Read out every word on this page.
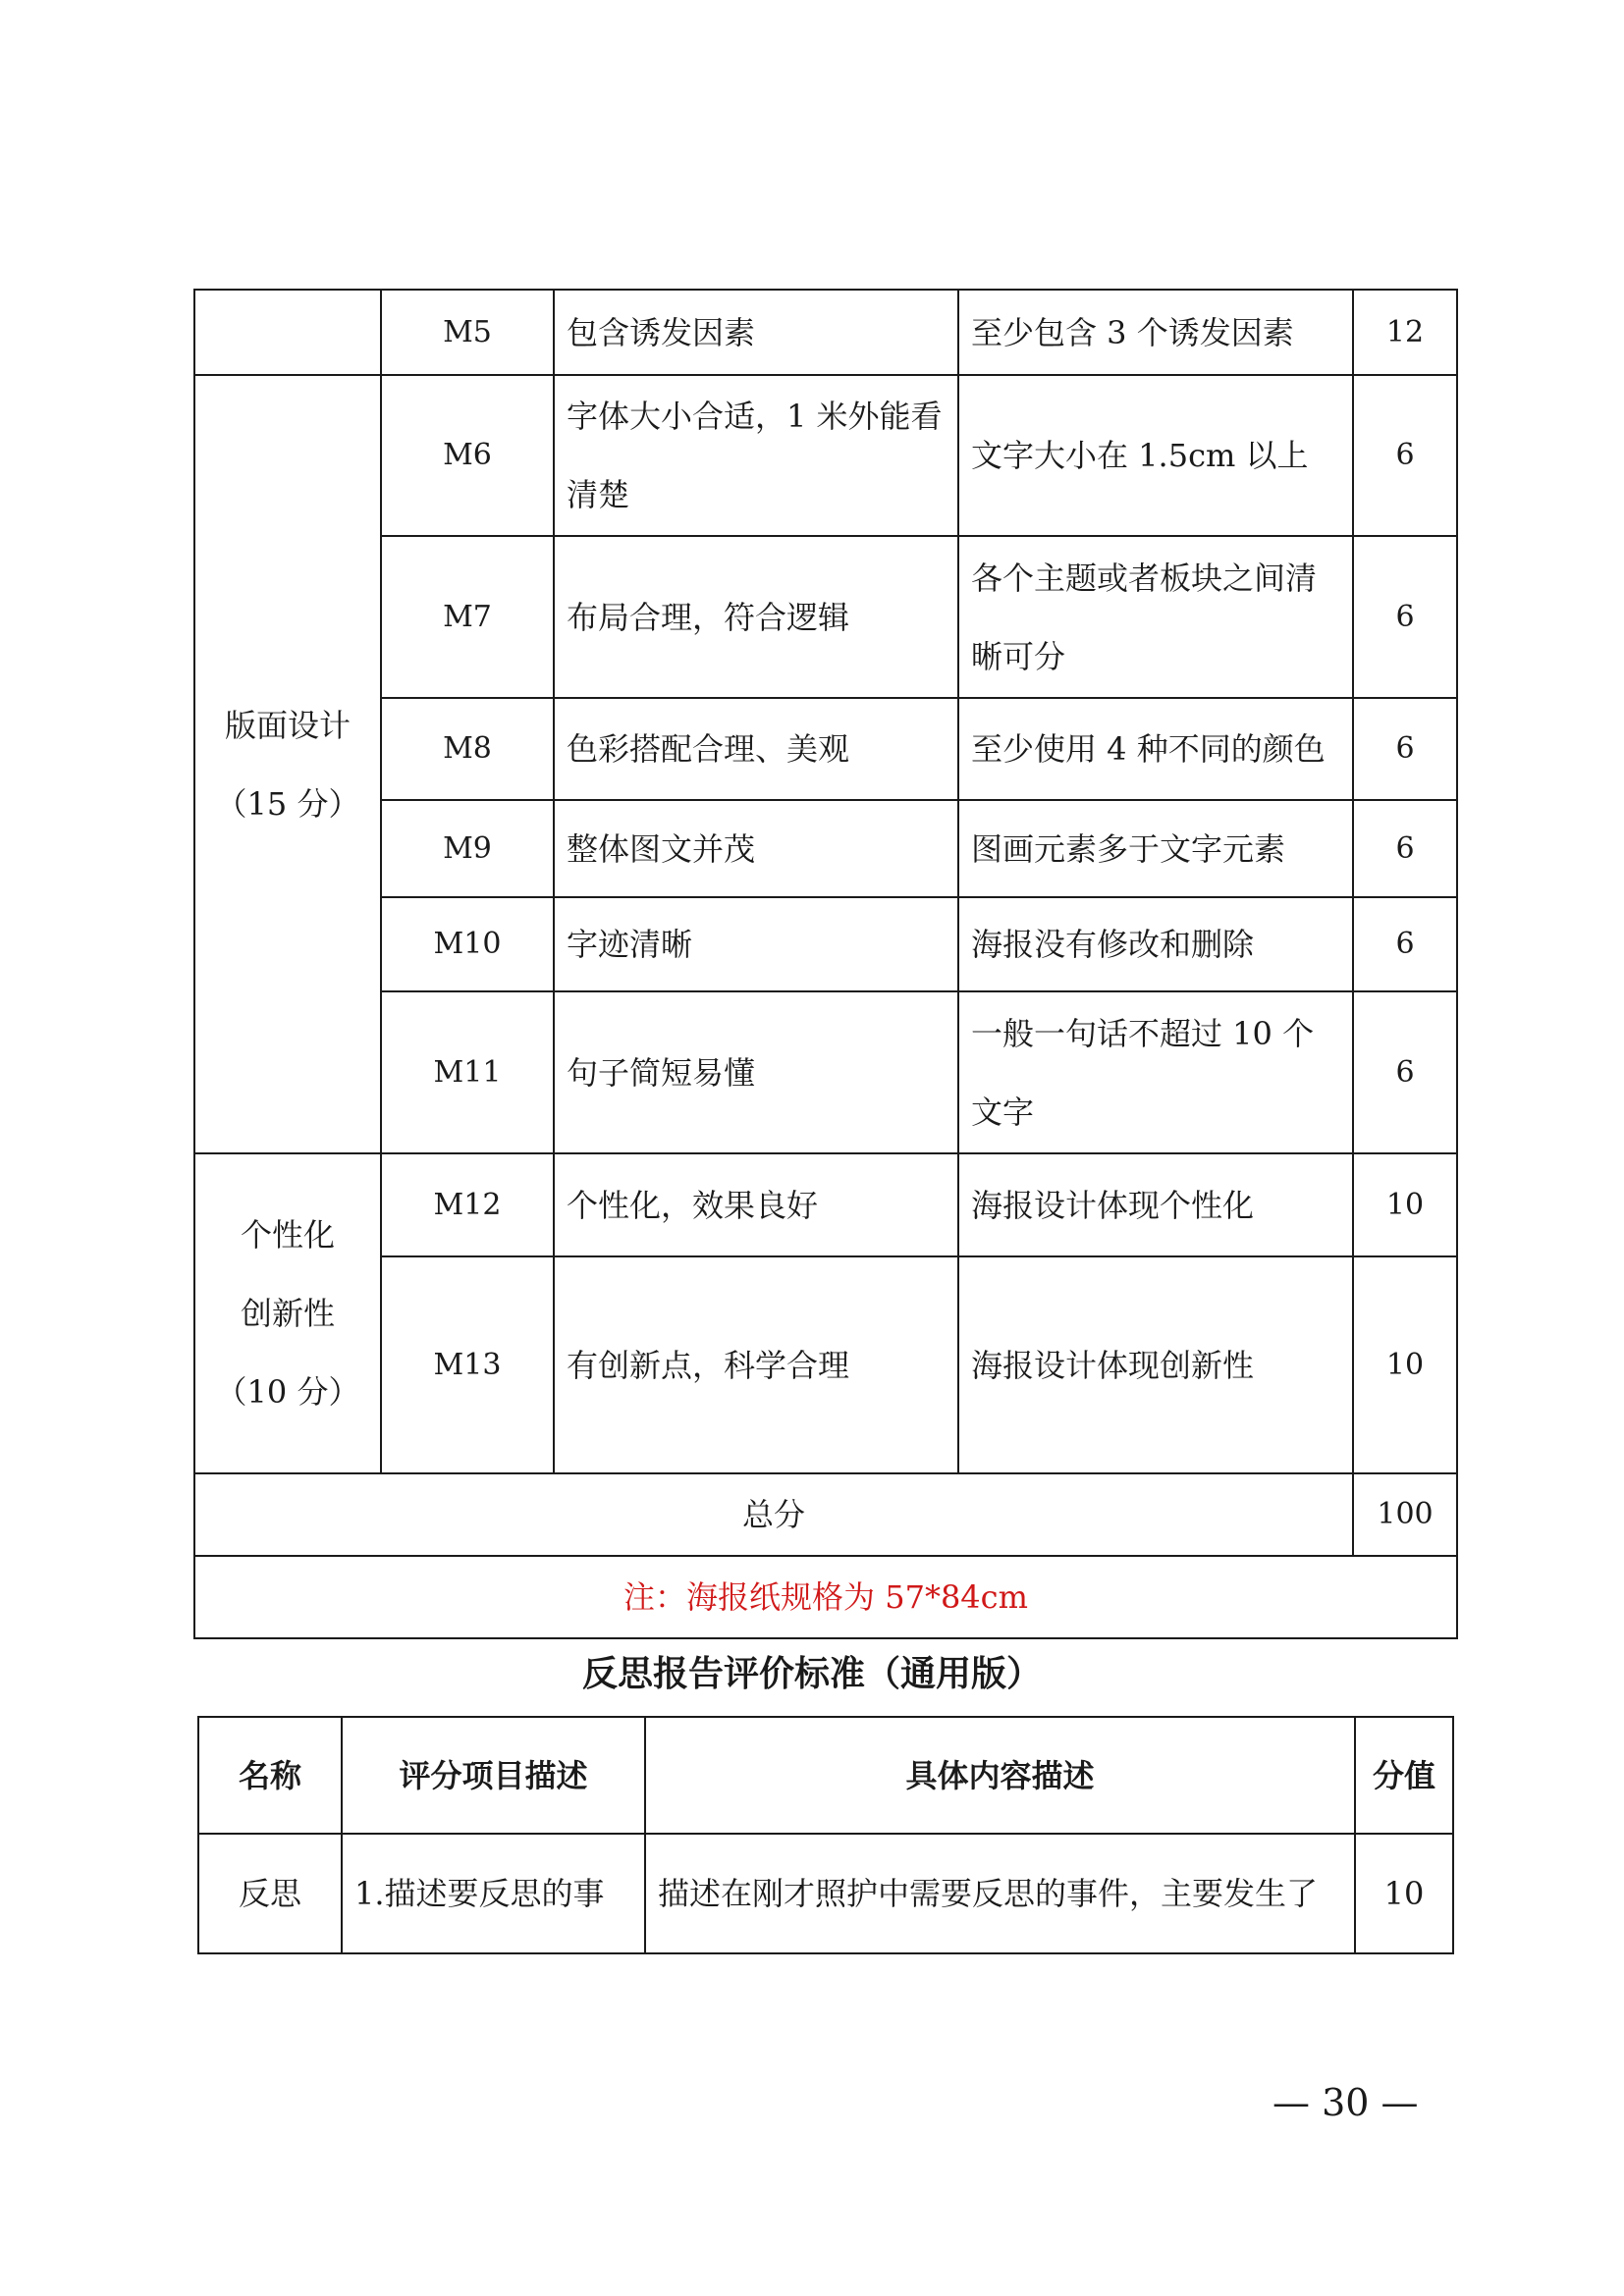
	M5	包含诱发因素	至少包含 3 个诱发因素	12

版面设计
（15 分）	M6	字体大小合适，1 米外能看清楚	文字大小在 1.5cm 以上	6
	M7	布局合理，符合逻辑	各个主题或者板块之间清晰可分	6
	M8	色彩搭配合理、美观	至少使用 4 种不同的颜色	6
	M9	整体图文并茂	图画元素多于文字元素	6
	M10	字迹清晰	海报没有修改和删除	6
	M11	句子简短易懂	一般一句话不超过 10 个文字	6

个性化
创新性
（10 分）	M12	个性化，效果良好	海报设计体现个性化	10
	M13	有创新点，科学合理	海报设计体现创新性	10
总分				100
注：海报纸规格为 57*84cm				
反思报告评价标准（通用版）
名称	评分项目描述	具体内容描述	分值
反思	1.描述要反思的事	描述在刚才照护中需要反思的事件，主要发生了	10
— 30 —
